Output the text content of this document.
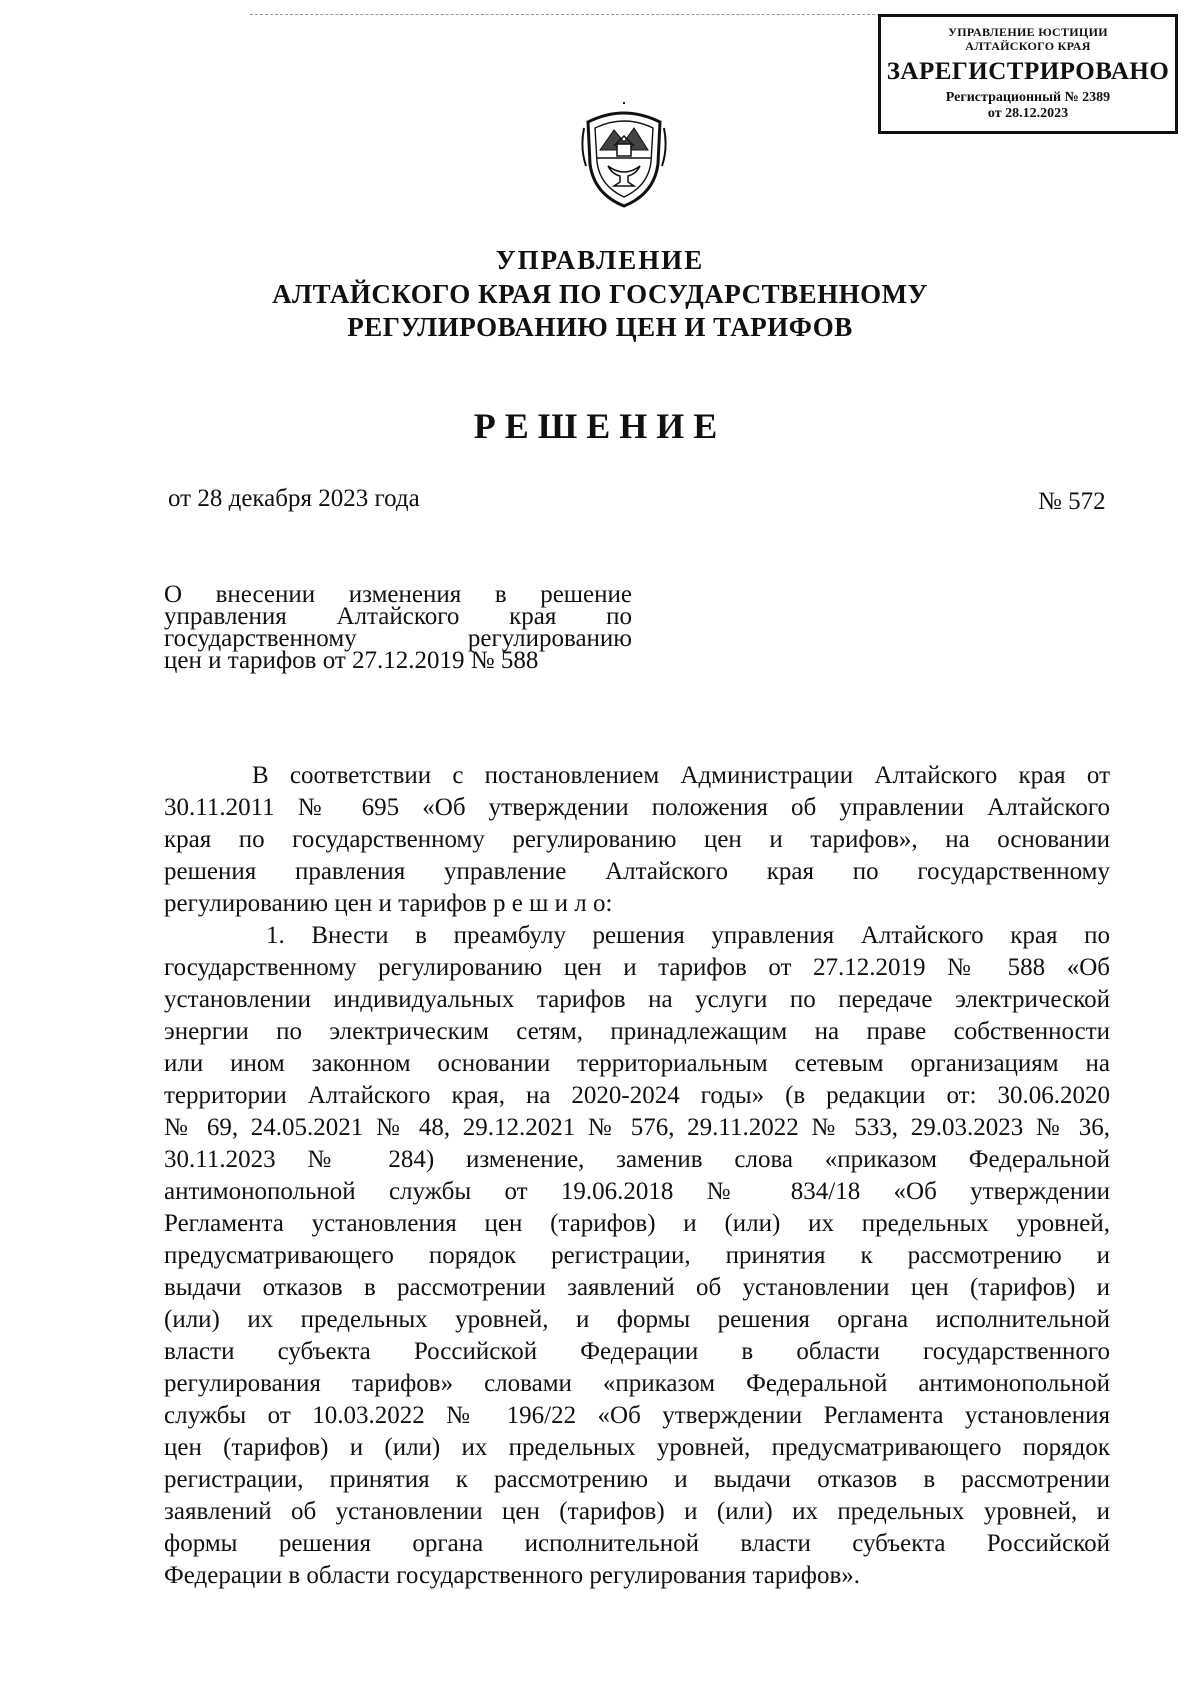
УПРАВЛЕНИЕ ЮСТИЦИИ
АЛТАЙСКОГО КРАЯ
ЗАРЕГИСТРИРОВАНО
Регистрационный № 2389
от 28.12.2023
УПРАВЛЕНИЕ
АЛТАЙСКОГО КРАЯ ПО ГОСУДАРСТВЕННОМУ
РЕГУЛИРОВАНИЮ ЦЕН И ТАРИФОВ
РЕШЕНИЕ
от 28 декабря 2023 года	№ 572
О внесении изменения в решение
управления Алтайского края по
государственному регулированию
цен и тарифов от 27.12.2019 № 588
В соответствии с постановлением Администрации Алтайского края от
30.11.2011 № 695 «Об утверждении положения об управлении Алтайского
края по государственному регулированию цен и тарифов», на основании
решения правления управление Алтайского края по государственному
регулированию цен и тарифов р е ш и л о:
1. Внести в преамбулу решения управления Алтайского края по
государственному регулированию цен и тарифов от 27.12.2019 № 588 «Об
установлении индивидуальных тарифов на услуги по передаче электрической
энергии по электрическим сетям, принадлежащим на праве собственности
или ином законном основании территориальным сетевым организациям на
территории Алтайского края, на 2020-2024 годы» (в редакции от: 30.06.2020
№ 69, 24.05.2021 № 48, 29.12.2021 № 576, 29.11.2022 № 533, 29.03.2023 № 36,
30.11.2023 № 284) изменение, заменив слова «приказом Федеральной
антимонопольной службы от 19.06.2018 № 834/18 «Об утверждении
Регламента установления цен (тарифов) и (или) их предельных уровней,
предусматривающего порядок регистрации, принятия к рассмотрению и
выдачи отказов в рассмотрении заявлений об установлении цен (тарифов) и
(или) их предельных уровней, и формы решения органа исполнительной
власти субъекта Российской Федерации в области государственного
регулирования тарифов» словами «приказом Федеральной антимонопольной
службы от 10.03.2022 № 196/22 «Об утверждении Регламента установления
цен (тарифов) и (или) их предельных уровней, предусматривающего порядок
регистрации, принятия к рассмотрению и выдачи отказов в рассмотрении
заявлений об установлении цен (тарифов) и (или) их предельных уровней, и
формы решения органа исполнительной власти субъекта Российской
Федерации в области государственного регулирования тарифов».
